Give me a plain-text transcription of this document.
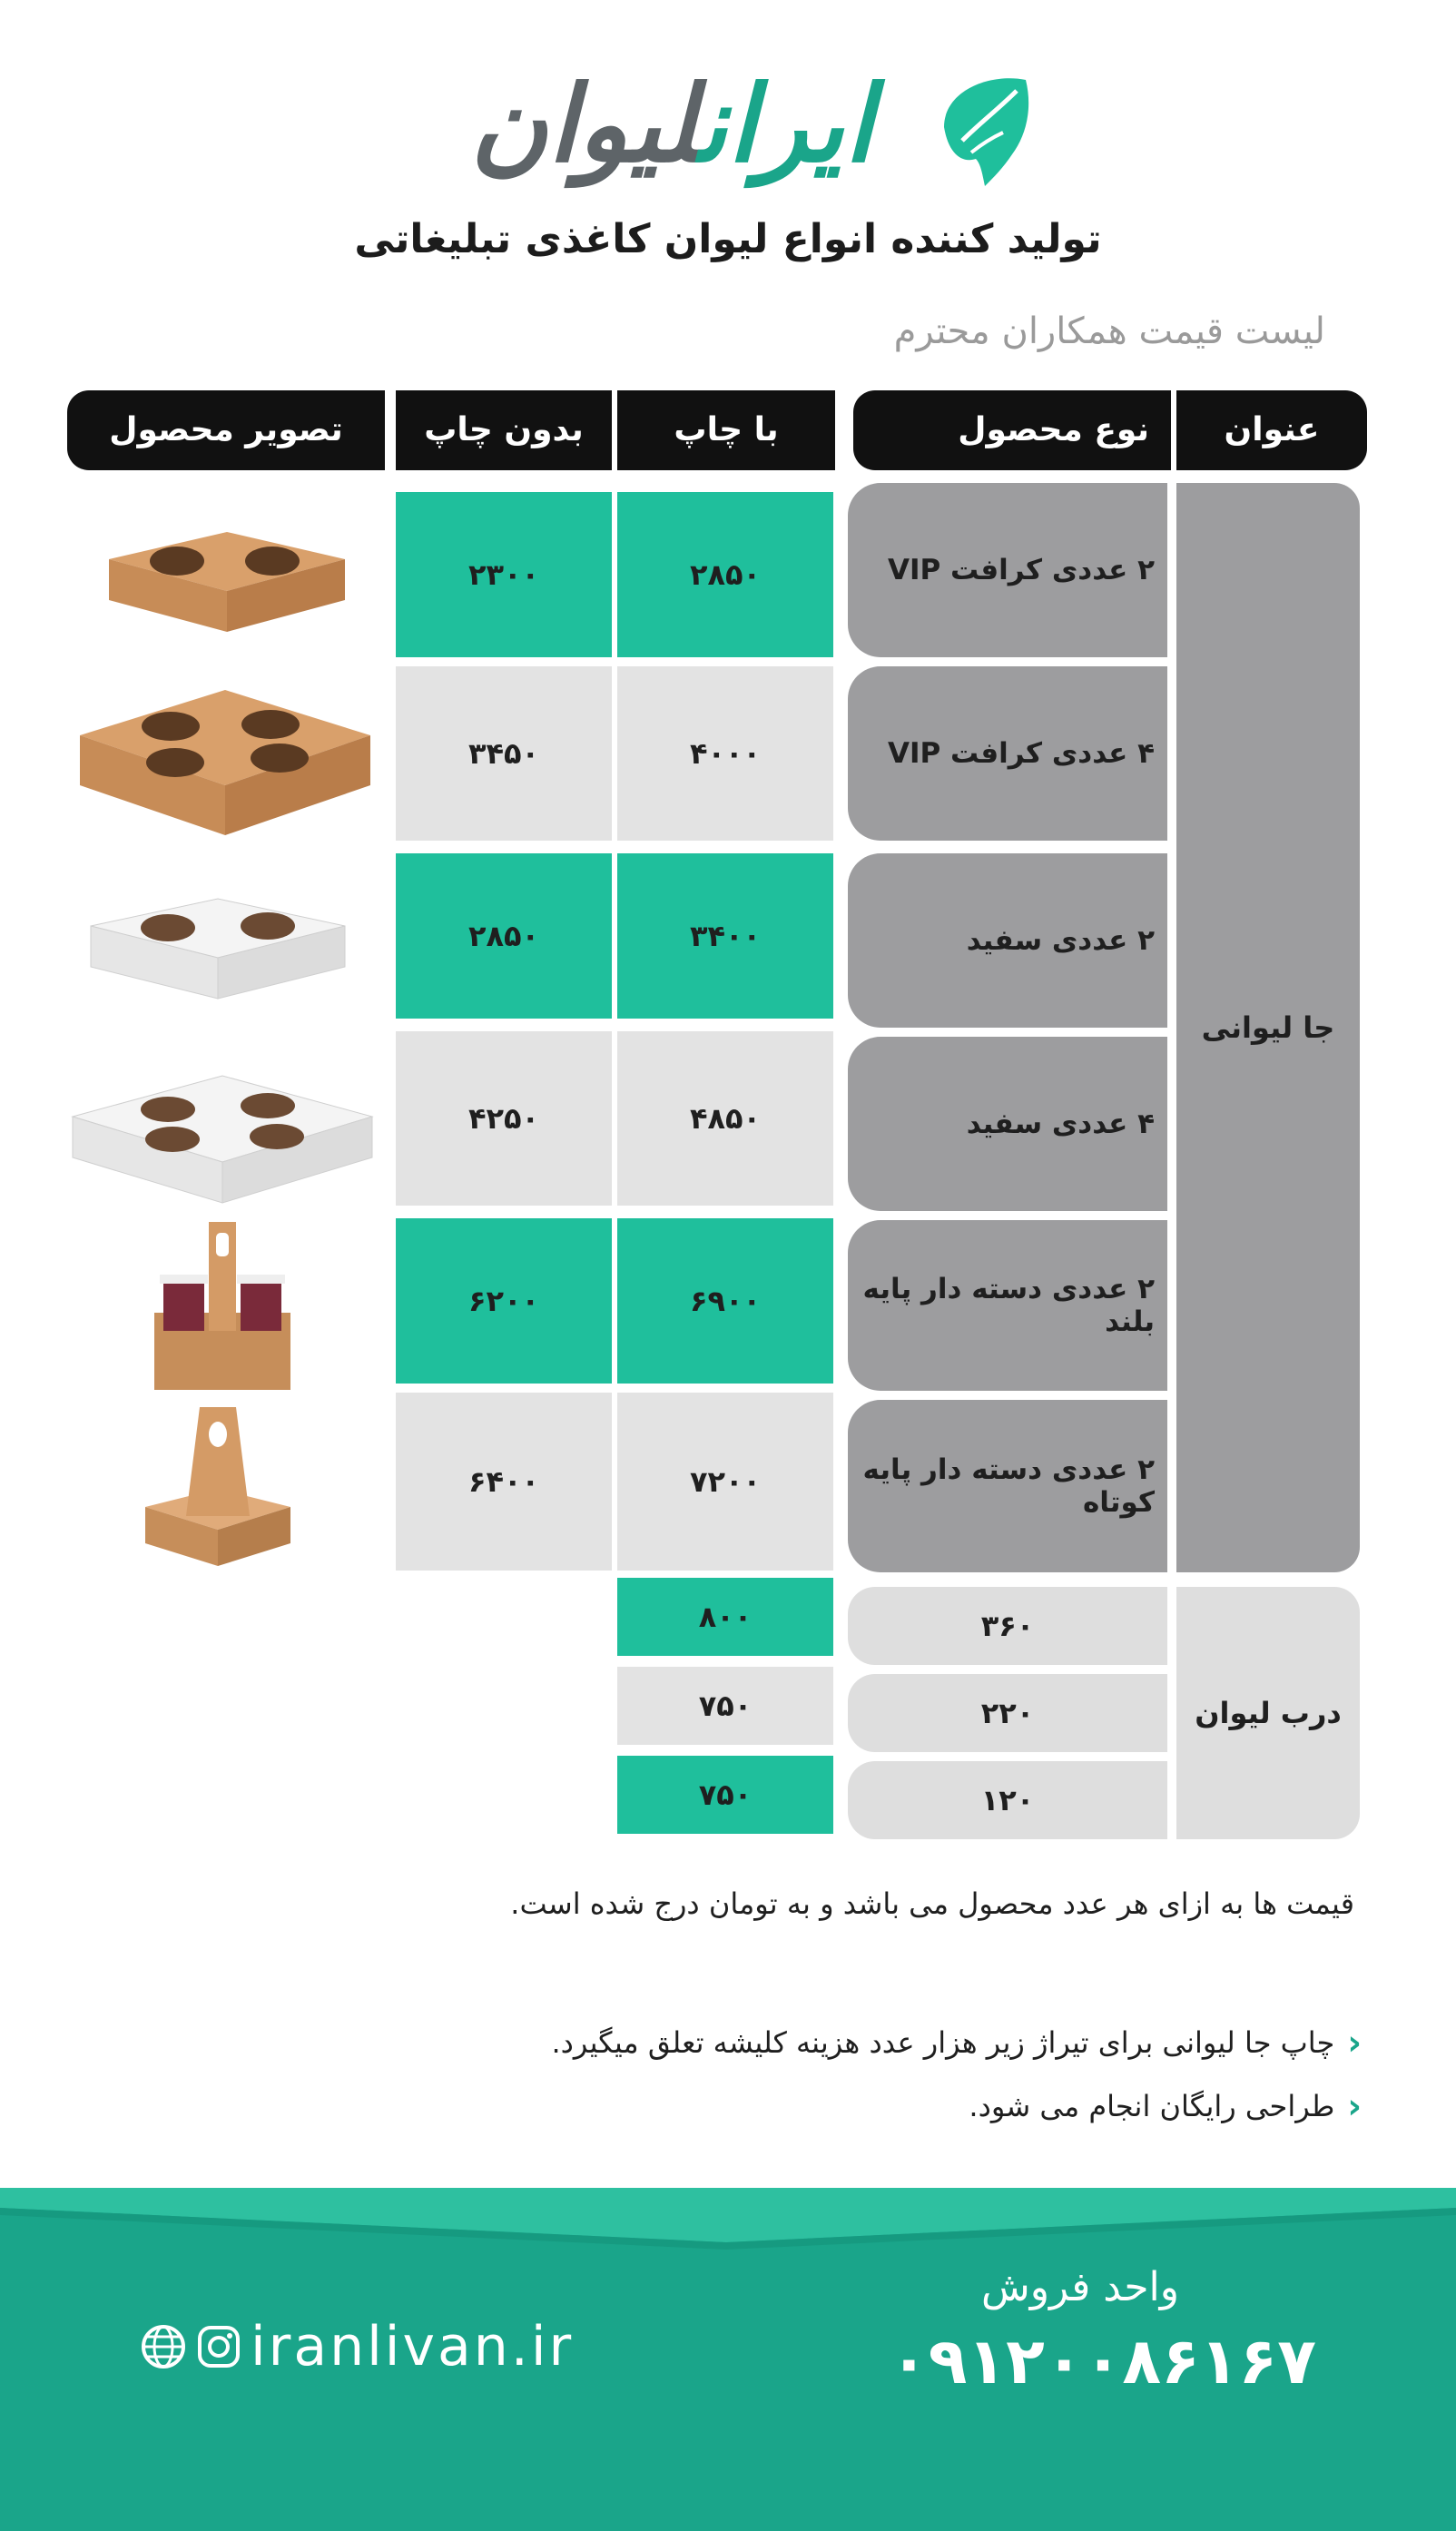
ایرانلیوان
تولید کننده انواع لیوان کاغذی تبلیغاتی
لیست قیمت همکاران محترم
عنوان
نوع محصول
با چاپ
بدون چاپ
تصویر محصول
جا لیوانی
۲ عددی کرافت VIP
۲۸۵۰
۲۳۰۰
۴ عددی کرافت VIP
۴۰۰۰
۳۴۵۰
۲ عددی سفید
۳۴۰۰
۲۸۵۰
۴ عددی سفید
۴۸۵۰
۴۲۵۰
۲ عددی دسته دار پایه بلند
۶۹۰۰
۶۲۰۰
۲ عددی دسته دار پایه کوتاه
۷۲۰۰
۶۴۰۰
درب لیوان
۳۶۰
۸۰۰
۲۲۰
۷۵۰
۱۲۰
۷۵۰
قیمت ها به ازای هر عدد محصول می باشد و به تومان درج شده است.
‹
چاپ جا لیوانی برای تیراژ زیر هزار عدد هزینه کلیشه تعلق میگیرد.
‹
طراحی رایگان انجام می شود.
واحد فروش
۰۹۱۲۰۰۸۶۱۶۷
iranlivan.ir
